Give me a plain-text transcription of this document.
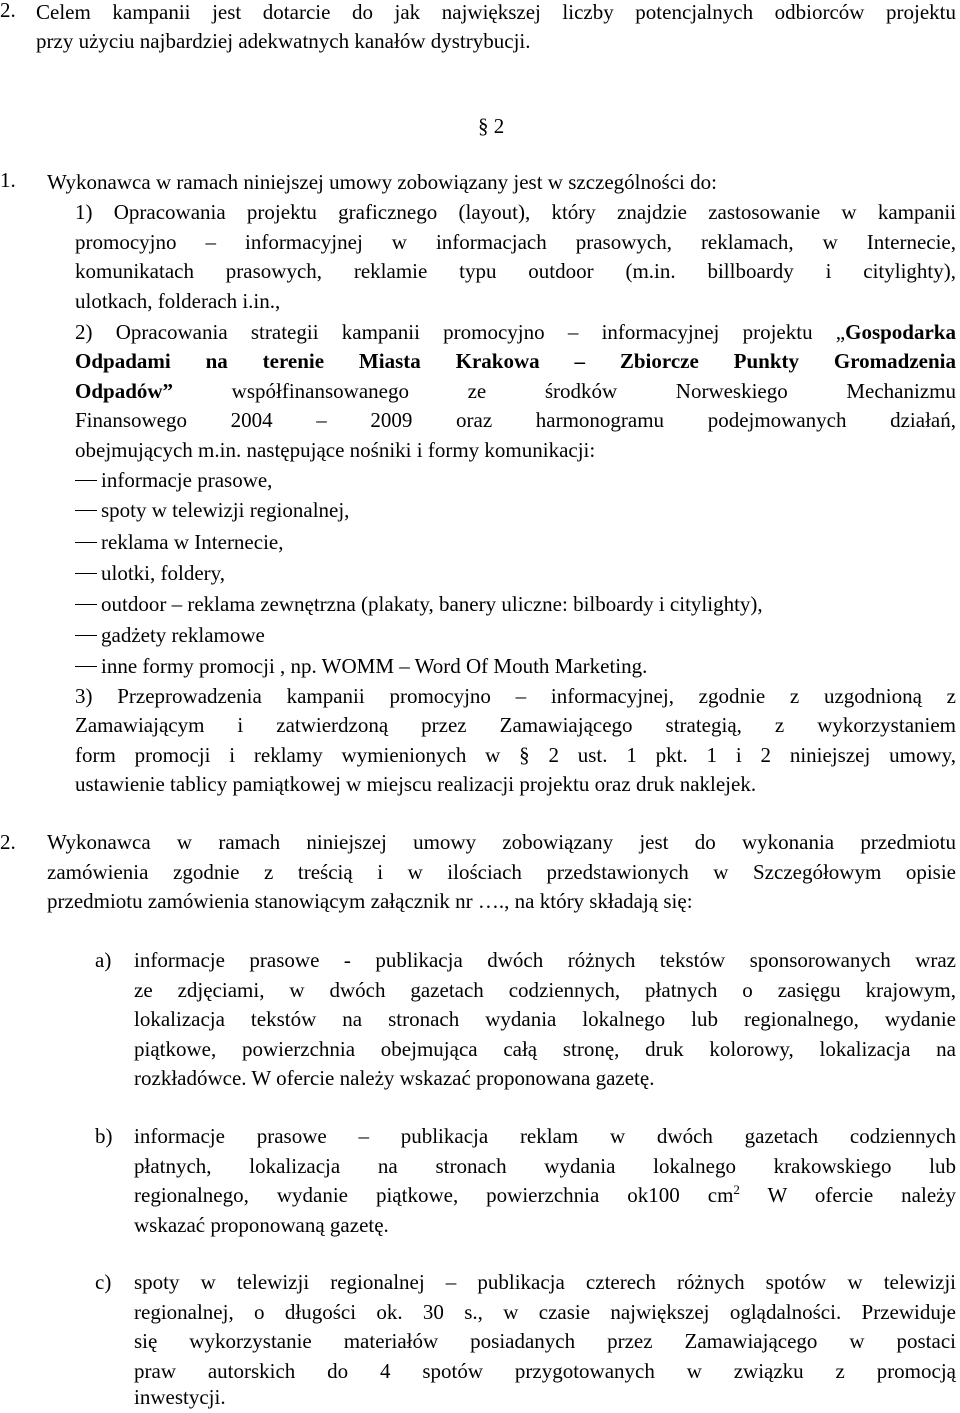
2. Celem kampanii jest dotarcie do jak największej liczby potencjalnych odbiorców projektu
przy użyciu najbardziej adekwatnych kanałów dystrybucji.
§ 2
1. Wykonawca w ramach niniejszej umowy zobowiązany jest w szczególności do:
1) Opracowania projektu graficznego (layout), który znajdzie zastosowanie w kampanii
promocyjno – informacyjnej w informacjach prasowych, reklamach, w Internecie,
komunikatach prasowych, reklamie typu outdoor (m.in. billboardy i citylighty),
ulotkach, folderach i.in.,
2) Opracowania strategii kampanii promocyjno – informacyjnej projektu „Gospodarka
Odpadami na terenie Miasta Krakowa – Zbiorcze Punkty Gromadzenia
Odpadów” współfinansowanego ze środków Norweskiego Mechanizmu
Finansowego 2004 – 2009 oraz harmonogramu podejmowanych działań,
obejmujących m.in. następujące nośniki i formy komunikacji:
informacje prasowe,
spoty w telewizji regionalnej,
reklama w Internecie,
ulotki, foldery,
outdoor – reklama zewnętrzna (plakaty, banery uliczne: bilboardy i citylighty),
gadżety reklamowe
inne formy promocji , np. WOMM – Word Of Mouth Marketing.
3) Przeprowadzenia kampanii promocyjno – informacyjnej, zgodnie z uzgodnioną z
Zamawiającym i zatwierdzoną przez Zamawiającego strategią, z wykorzystaniem
form promocji i reklamy wymienionych w § 2 ust. 1 pkt. 1 i 2 niniejszej umowy,
ustawienie tablicy pamiątkowej w miejscu realizacji projektu oraz druk naklejek.
2. Wykonawca w ramach niniejszej umowy zobowiązany jest do wykonania przedmiotu
zamówienia zgodnie z treścią i w ilościach przedstawionych w Szczegółowym opisie
przedmiotu zamówienia stanowiącym załącznik nr …., na który składają się:
a) informacje prasowe - publikacja dwóch różnych tekstów sponsorowanych wraz
ze zdjęciami, w dwóch gazetach codziennych, płatnych o zasięgu krajowym,
lokalizacja tekstów na stronach wydania lokalnego lub regionalnego, wydanie
piątkowe, powierzchnia obejmująca całą stronę, druk kolorowy, lokalizacja na
rozkładówce. W ofercie należy wskazać proponowana gazetę.
b) informacje prasowe – publikacja reklam w dwóch gazetach codziennych
płatnych, lokalizacja na stronach wydania lokalnego krakowskiego lub
regionalnego, wydanie piątkowe, powierzchnia ok100 $cm^2$ W ofercie należy
wskazać proponowaną gazetę.
c) spoty w telewizji regionalnej – publikacja czterech różnych spotów w telewizji
regionalnej, o długości ok. 30 s., w czasie największej oglądalności. Przewiduje
się wykorzystanie materiałów posiadanych przez Zamawiającego w postaci
praw autorskich do 4 spotów przygotowanych w związku z promocją
inwestycji.
